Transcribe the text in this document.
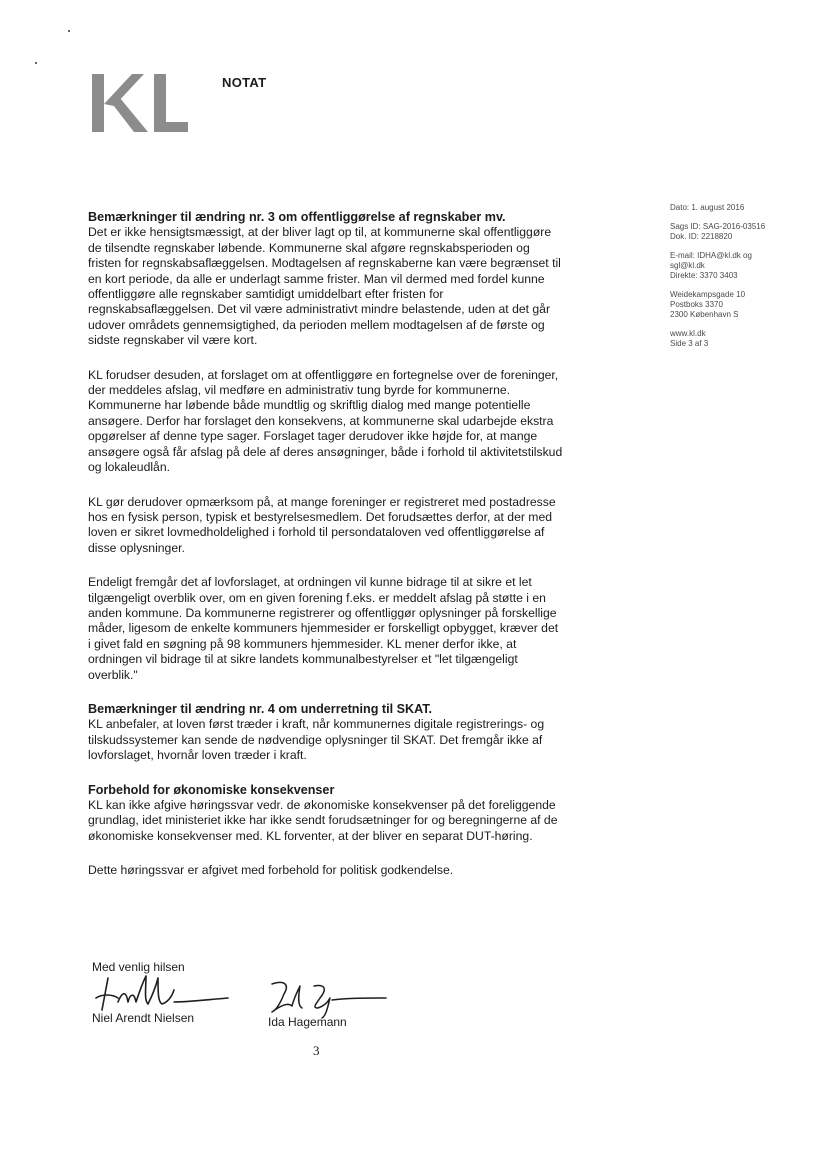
NOTAT
Dato: 1. august 2016
Sags ID: SAG-2016-03516
Dok. ID: 2218820
E-mail: IDHA@kl.dk og
sgl@kl.dk
Direkte: 3370 3403
Weidekampsgade 10
Postboks 3370
2300 København S
www.kl.dk
Side 3 af 3
Bemærkninger til ændring nr. 3 om offentliggørelse af regnskaber mv.

Det er ikke hensigtsmæssigt, at der bliver lagt op til, at kommunerne skal offentliggøre de tilsendte regnskaber løbende. Kommunerne skal afgøre regnskabsperioden og fristen for regnskabsaflæggelsen. Modtagelsen af regnskaberne kan være begrænset til en kort periode, da alle er underlagt samme frister. Man vil dermed med fordel kunne offentliggøre alle regnskaber samtidigt umiddelbart efter fristen for regnskabsaflæggelsen. Det vil være administrativt mindre belastende, uden at det går udover områdets gennemsigtighed, da perioden mellem modtagelsen af de første og sidste regnskaber vil være kort.

KL forudser desuden, at forslaget om at offentliggøre en fortegnelse over de foreninger, der meddeles afslag, vil medføre en administrativ tung byrde for kommunerne. Kommunerne har løbende både mundtlig og skriftlig dialog med mange potentielle ansøgere. Derfor har forslaget den konsekvens, at kommunerne skal udarbejde ekstra opgørelser af denne type sager. Forslaget tager derudover ikke højde for, at mange ansøgere også får afslag på dele af deres ansøgninger, både i forhold til aktivitetstilskud og lokaleudlån.

KL gør derudover opmærksom på, at mange foreninger er registreret med postadresse hos en fysisk person, typisk et bestyrelsesmedlem. Det forudsættes derfor, at der med loven er sikret lovmedholdelighed i forhold til persondataloven ved offentliggørelse af disse oplysninger.

Endeligt fremgår det af lovforslaget, at ordningen vil kunne bidrage til at sikre et let tilgængeligt overblik over, om en given forening f.eks. er meddelt afslag på støtte i en anden kommune. Da kommunerne registrerer og offentliggør oplysninger på forskellige måder, ligesom de enkelte kommuners hjemmesider er forskelligt opbygget, kræver det i givet fald en søgning på 98 kommuners hjemmesider. KL mener derfor ikke, at ordningen vil bidrage til at sikre landets kommunalbestyrelser et "let tilgængeligt overblik."

Bemærkninger til ændring nr. 4 om underretning til SKAT.

KL anbefaler, at loven først træder i kraft, når kommunernes digitale registrerings- og tilskudssystemer kan sende de nødvendige oplysninger til SKAT. Det fremgår ikke af lovforslaget, hvornår loven træder i kraft.

Forbehold for økonomiske konsekvenser

KL kan ikke afgive høringssvar vedr. de økonomiske konsekvenser på det foreliggende grundlag, idet ministeriet ikke har ikke sendt forudsætninger for og beregningerne af de økonomiske konsekvenser med. KL forventer, at der bliver en separat DUT-høring.

Dette høringssvar er afgivet med forbehold for politisk godkendelse.

Med venlig hilsen
Niel Arendt Nielsen	Ida Hagemann
3
